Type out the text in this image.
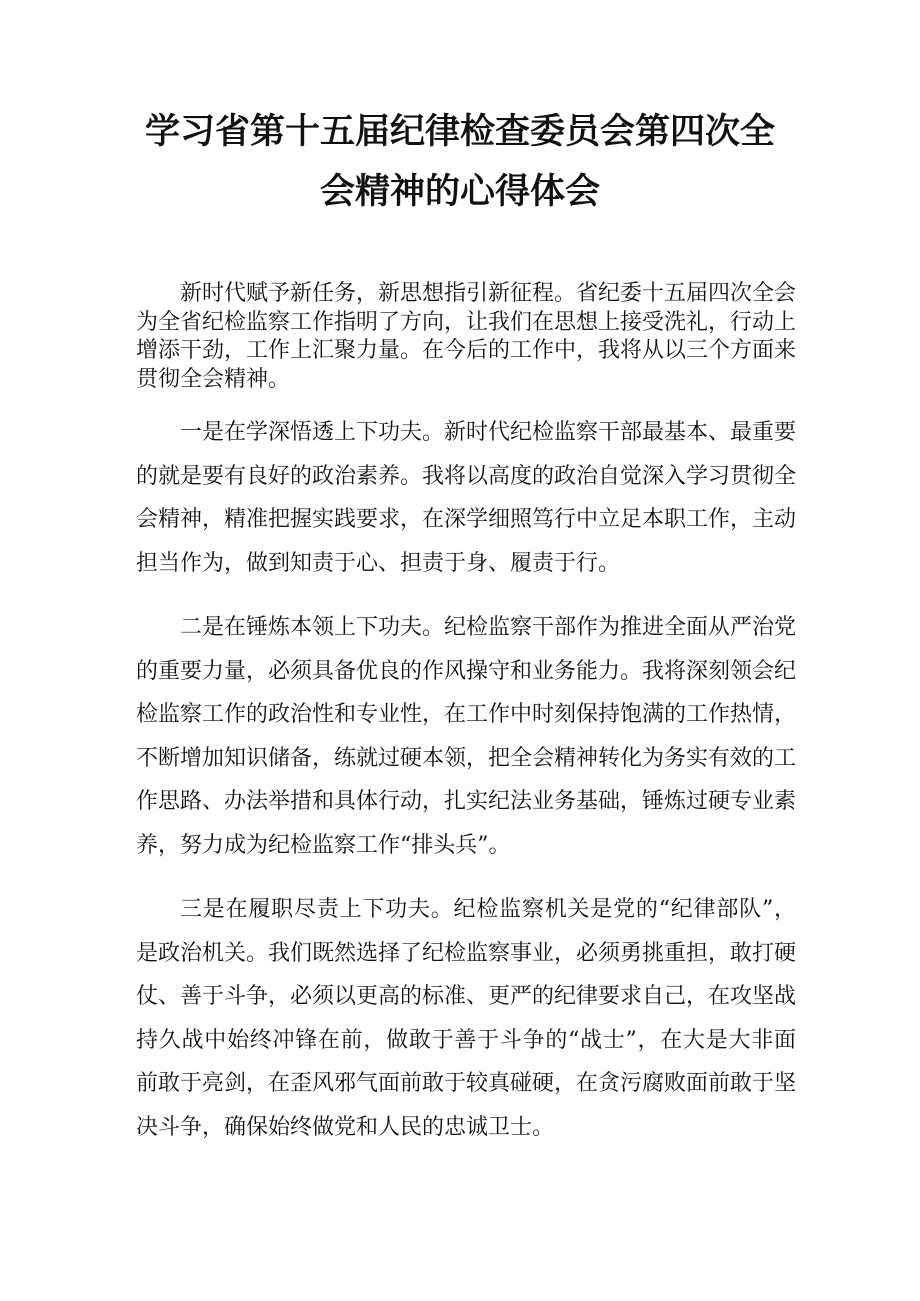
学习省第十五届纪律检查委员会第四次全
会精神的心得体会

新时代赋予新任务，新思想指引新征程。省纪委十五届四次全会为全省纪检监察工作指明了方向，让我们在思想上接受洗礼，行动上增添干劲，工作上汇聚力量。在今后的工作中，我将从以三个方面来贯彻全会精神。

一是在学深悟透上下功夫。新时代纪检监察干部最基本、最重要的就是要有良好的政治素养。我将以高度的政治自觉深入学习贯彻全会精神，精准把握实践要求，在深学细照笃行中立足本职工作，主动担当作为，做到知责于心、担责于身、履责于行。

二是在锤炼本领上下功夫。纪检监察干部作为推进全面从严治党的重要力量，必须具备优良的作风操守和业务能力。我将深刻领会纪检监察工作的政治性和专业性，在工作中时刻保持饱满的工作热情，不断增加知识储备，练就过硬本领，把全会精神转化为务实有效的工作思路、办法举措和具体行动，扎实纪法业务基础，锤炼过硬专业素养，努力成为纪检监察工作“排头兵”。

三是在履职尽责上下功夫。纪检监察机关是党的“纪律部队”，是政治机关。我们既然选择了纪检监察事业，必须勇挑重担，敢打硬仗、善于斗争，必须以更高的标准、更严的纪律要求自己，在攻坚战持久战中始终冲锋在前，做敢于善于斗争的“战士”，在大是大非面前敢于亮剑，在歪风邪气面前敢于较真碰硬，在贪污腐败面前敢于坚决斗争，确保始终做党和人民的忠诚卫士。
